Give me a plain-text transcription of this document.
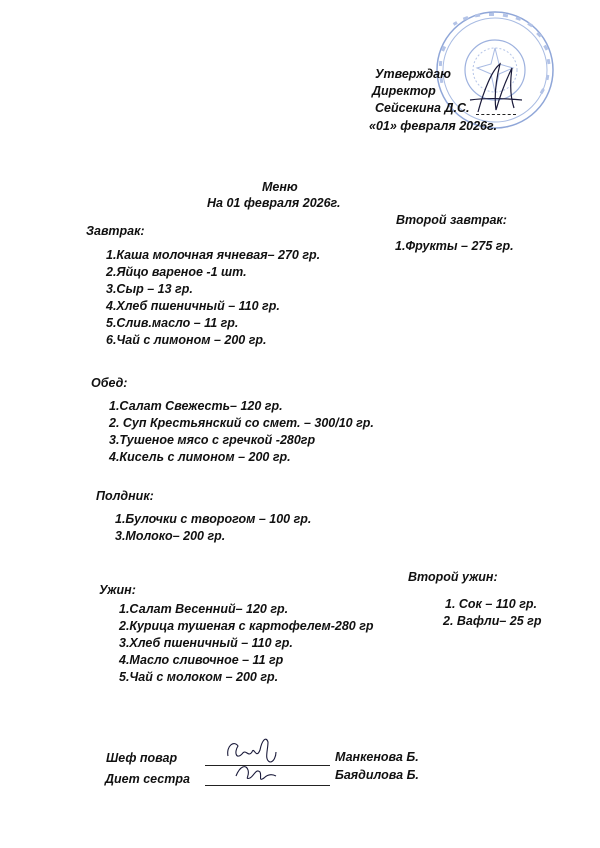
Утверждаю
Директор
Сейсекина Д.С.
«01» февраля 2026г.
Меню
На 01 февраля 2026г.
Завтрак:
1.Каша молочная ячневая– 270 гр.
2.Яйцо вареное -1 шт.
3.Сыр – 13 гр.
4.Хлеб пшеничный – 110 гр.
5.Слив.масло – 11 гр.
6.Чай с лимоном – 200 гр.
Второй завтрак:
1.Фрукты – 275 гр.
Обед:
1.Салат Свежесть– 120 гр.
2. Суп Крестьянский со смет. – 300/10 гр.
3.Тушеное мясо с гречкой -280гр
4.Кисель с лимоном – 200 гр.
Полдник:
1.Булочки с творогом – 100 гр.
3.Молоко– 200 гр.
Ужин:
1.Салат Весенний– 120 гр.
2.Курица тушеная с картофелем-280 гр
3.Хлеб пшеничный – 110 гр.
4.Масло сливочное – 11 гр
5.Чай с молоком – 200 гр.
Второй ужин:
1. Сок – 110 гр.
2. Вафли– 25 гр
Шеф повар	Манкенова Б.
Диет сестра	Баядилова Б.
